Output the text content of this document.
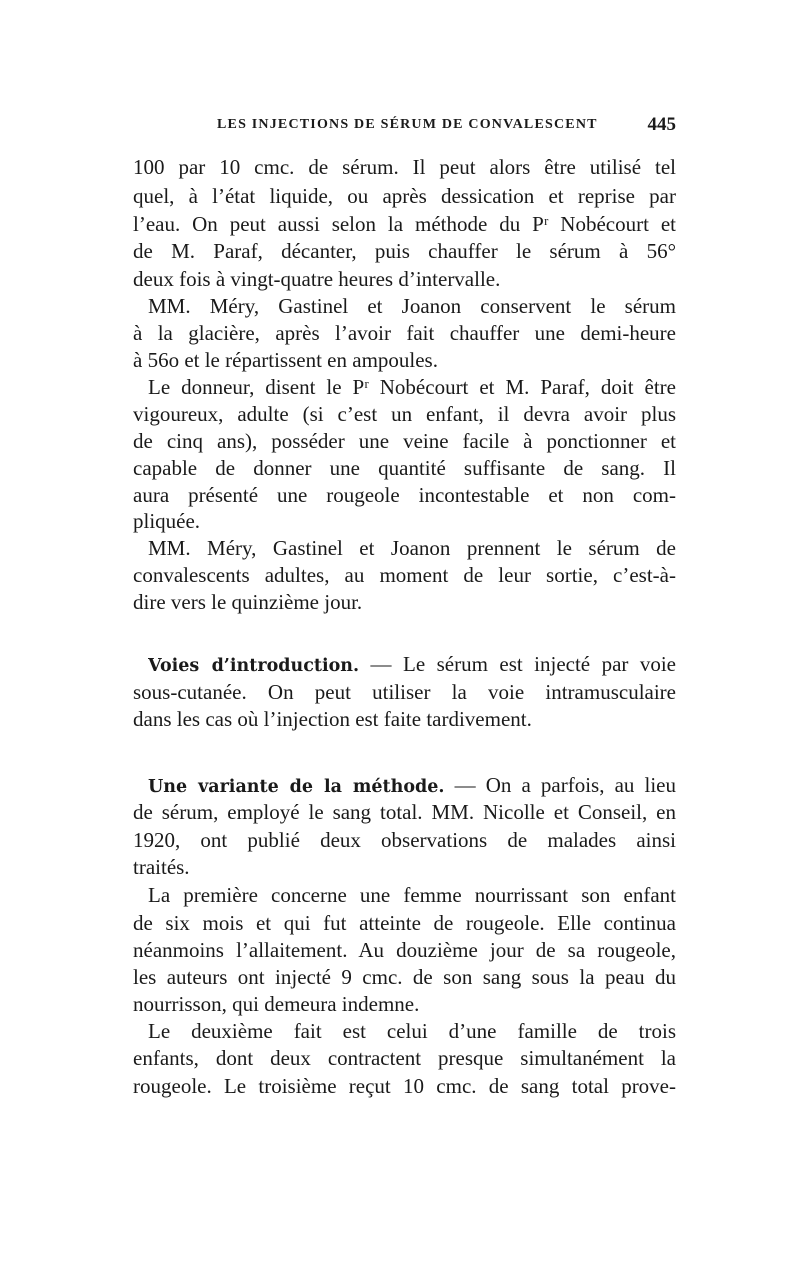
LES INJECTIONS DE SÉRUM DE CONVALESCENT	445
100 par 10 cmc. de sérum. Il peut alors être utilisé tel
quel, à l’état liquide, ou après dessication et reprise par
l’eau. On peut aussi selon la méthode du Pʳ Nobécourt et
de M. Paraf, décanter, puis chauffer le sérum à 56°
deux fois à vingt-quatre heures d’intervalle.
MM. Méry, Gastinel et Joanon conservent le sérum
à la glacière, après l’avoir fait chauffer une demi-heure
à 56o et le répartissent en ampoules.
Le donneur, disent le Pʳ Nobécourt et M. Paraf, doit être
vigoureux, adulte (si c’est un enfant, il devra avoir plus
de cinq ans), posséder une veine facile à ponctionner et
capable de donner une quantité suffisante de sang. Il
aura présenté une rougeole incontestable et non com-
pliquée.
MM. Méry, Gastinel et Joanon prennent le sérum de
convalescents adultes, au moment de leur sortie, c’est-à-
dire vers le quinzième jour.
Voies d’introduction. — Le sérum est injecté par voie
sous-cutanée. On peut utiliser la voie intramusculaire
dans les cas où l’injection est faite tardivement.
Une variante de la méthode. — On a parfois, au lieu
de sérum, employé le sang total. MM. Nicolle et Conseil, en
1920, ont publié deux observations de malades ainsi
traités.
La première concerne une femme nourrissant son enfant
de six mois et qui fut atteinte de rougeole. Elle continua
néanmoins l’allaitement. Au douzième jour de sa rougeole,
les auteurs ont injecté 9 cmc. de son sang sous la peau du
nourrisson, qui demeura indemne.
Le deuxième fait est celui d’une famille de trois
enfants, dont deux contractent presque simultanément la
rougeole. Le troisième reçut 10 cmc. de sang total prove-
